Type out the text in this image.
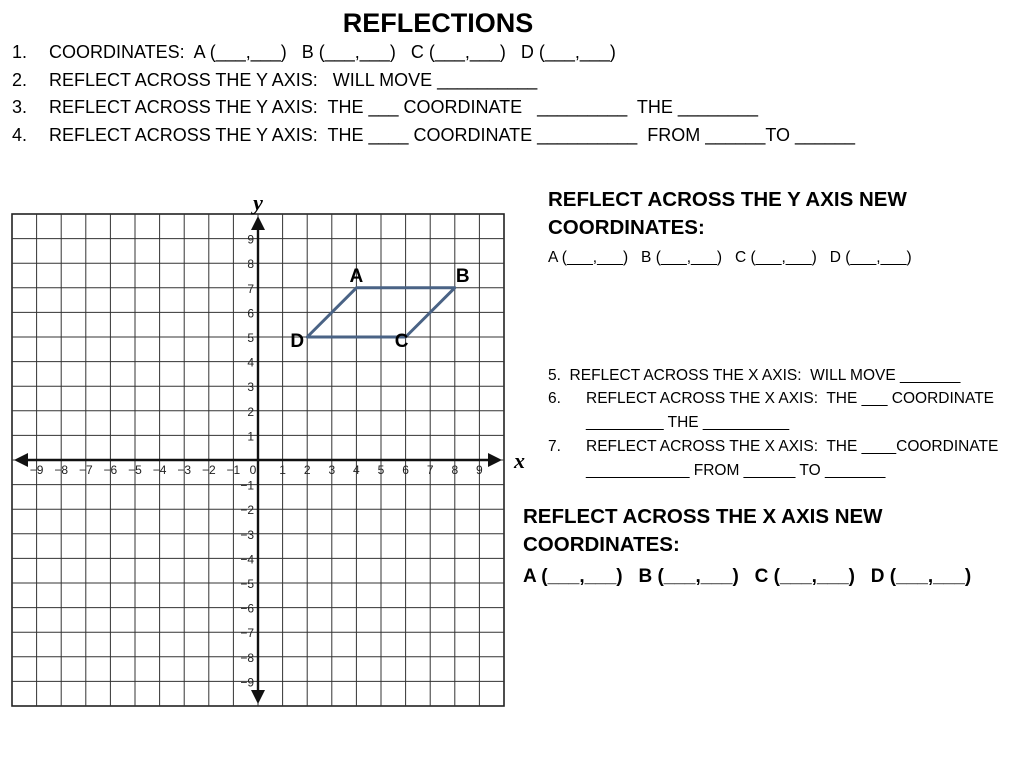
REFLECTIONS
1. COORDINATES:  A (___,___)   B (___,___)   C (___,___)   D (___,___)
2. REFLECT ACROSS THE Y AXIS:   WILL MOVE __________
3. REFLECT ACROSS THE Y AXIS:  THE ___ COORDINATE   _________  THE ________
4. REFLECT ACROSS THE Y AXIS:  THE ____ COORDINATE __________  FROM ______TO ______
−9 −8 −7 −6 −5 −4 −3 −2 −1 0 1 2 3 4 5 6 7 8 9
1
2
3
4
5
6
7
8
9
−1
−2
−3
−4
−5
−6
−7
−8
−9
x
y
A	B
C
D
REFLECT ACROSS THE Y AXIS NEW
COORDINATES:
A (___,___)   B (___,___)   C (___,___)   D (___,___)
5.  REFLECT ACROSS THE X AXIS:  WILL MOVE _______
6. REFLECT ACROSS THE X AXIS:  THE ___ COORDINATE
_________ THE __________
7. REFLECT ACROSS THE X AXIS:  THE ____COORDINATE
____________ FROM ______ TO _______
REFLECT ACROSS THE X AXIS NEW
COORDINATES:
A (___,___)   B (___,___)   C (___,___)   D (___,___)
